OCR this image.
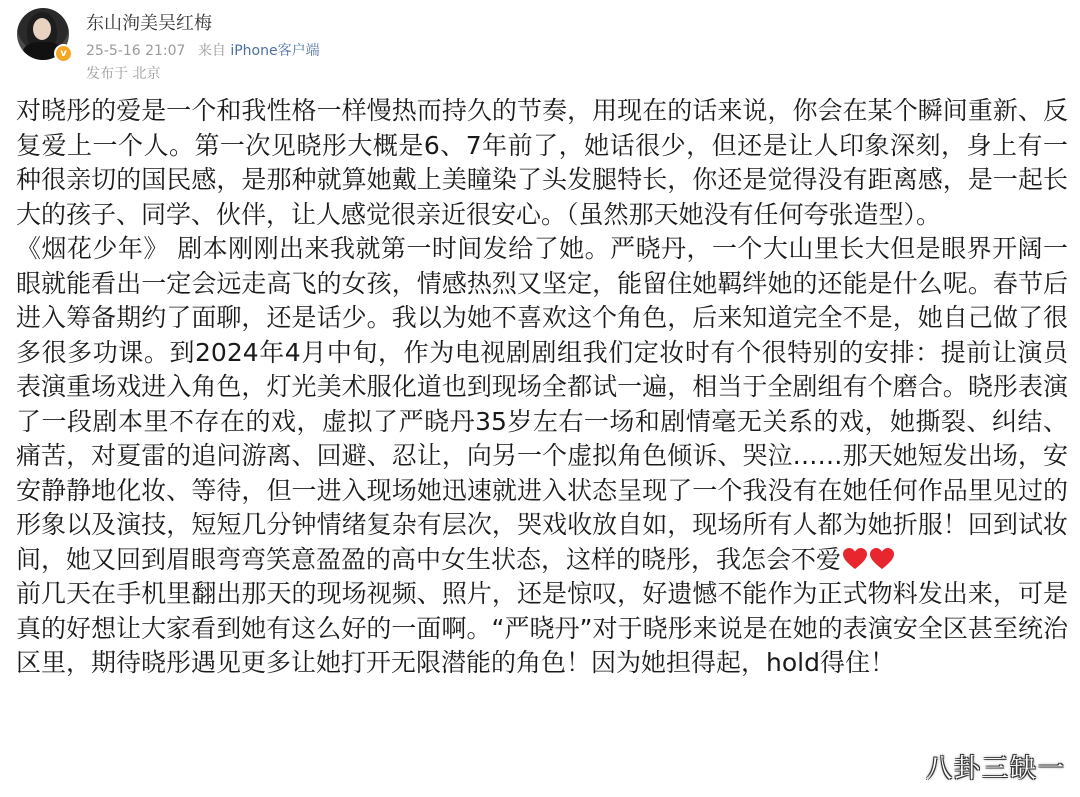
v
东山洵美吴红梅
25-5-16 21:07 来自 iPhone客户端
发布于 北京

对晓彤的爱是一个和我性格一样慢热而持久的节奏，用现在的话来说，你会在某个瞬间重新、反复爱上一个人。第一次见晓彤大概是6、7年前了，她话很少，但还是让人印象深刻，身上有一种很亲切的国民感，是那种就算她戴上美瞳染了头发腿特长，你还是觉得没有距离感，是一起长大的孩子、同学、伙伴，让人感觉很亲近很安心。（虽然那天她没有任何夸张造型）。

《烟花少年》 剧本刚刚出来我就第一时间发给了她。严晓丹，一个大山里长大但是眼界开阔一眼就能看出一定会远走高飞的女孩，情感热烈又坚定，能留住她羁绊她的还能是什么呢。春节后进入筹备期约了面聊，还是话少。我以为她不喜欢这个角色，后来知道完全不是，她自己做了很多很多功课。到2024年4月中旬，作为电视剧剧组我们定妆时有个很特别的安排：提前让演员表演重场戏进入角色，灯光美术服化道也到现场全都试一遍，相当于全剧组有个磨合。晓彤表演了一段剧本里不存在的戏，虚拟了严晓丹35岁左右一场和剧情毫无关系的戏，她撕裂、纠结、痛苦，对夏雷的追问游离、回避、忍让，向另一个虚拟角色倾诉、哭泣……那天她短发出场，安安静静地化妆、等待，但一进入现场她迅速就进入状态呈现了一个我没有在她任何作品里见过的形象以及演技，短短几分钟情绪复杂有层次，哭戏收放自如，现场所有人都为她折服！回到试妆间，她又回到眉眼弯弯笑意盈盈的高中女生状态，这样的晓彤，我怎会不爱

前几天在手机里翻出那天的现场视频、照片，还是惊叹，好遗憾不能作为正式物料发出来，可是真的好想让大家看到她有这么好的一面啊。“严晓丹”对于晓彤来说是在她的表演安全区甚至统治区里，期待晓彤遇见更多让她打开无限潜能的角色！因为她担得起，hold得住！

八卦三缺一
